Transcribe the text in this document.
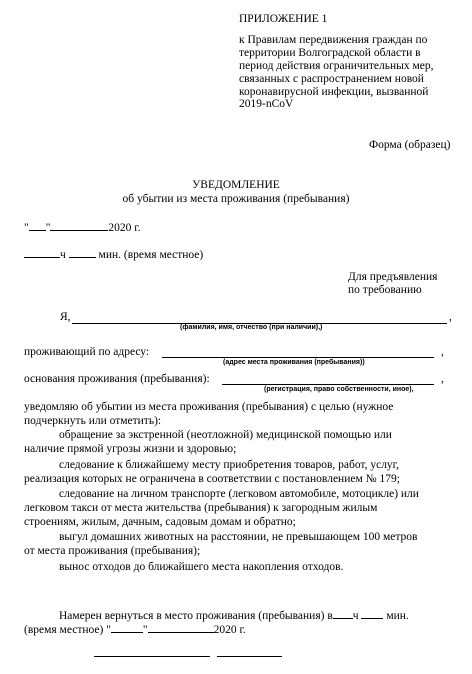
ПРИЛОЖЕНИЕ 1
к Правилам передвижения граждан по
территории Волгоградской области в
период действия ограничительных мер,
связанных с распространением новой
коронавирусной инфекции, вызванной
2019-nCoV
Форма (образец)
УВЕДОМЛЕНИЕ
об убытии из места проживания (пребывания)
" "	2020 г.
ч	мин. (время местное)
Для предъявления
по требованию
Я,	,
(фамилия, имя, отчество (при наличии),)
проживающий по адресу:	,
(адрес места проживания (пребывания))
основания проживания (пребывания):	,
(регистрация, право собственности, иное),
уведомляю об убытии из места проживания (пребывания) с целью (нужное
подчеркнуть или отметить):
обращение за экстренной (неотложной) медицинской помощью или
наличие прямой угрозы жизни и здоровью;
следование к ближайшему месту приобретения товаров, работ, услуг,
реализация которых не ограничена в соответствии с постановлением № 179;
следование на личном транспорте (легковом автомобиле, мотоцикле) или
легковом такси от места жительства (пребывания) к загородным жилым
строениям, жилым, дачным, садовым домам и обратно;
выгул домашних животных на расстоянии, не превышающем 100 метров
от места проживания (пребывания);
вынос отходов до ближайшего места накопления отходов.
Намерен вернуться в место проживания (пребывания) в ч мин.
(время местное) "	"	2020 г.
